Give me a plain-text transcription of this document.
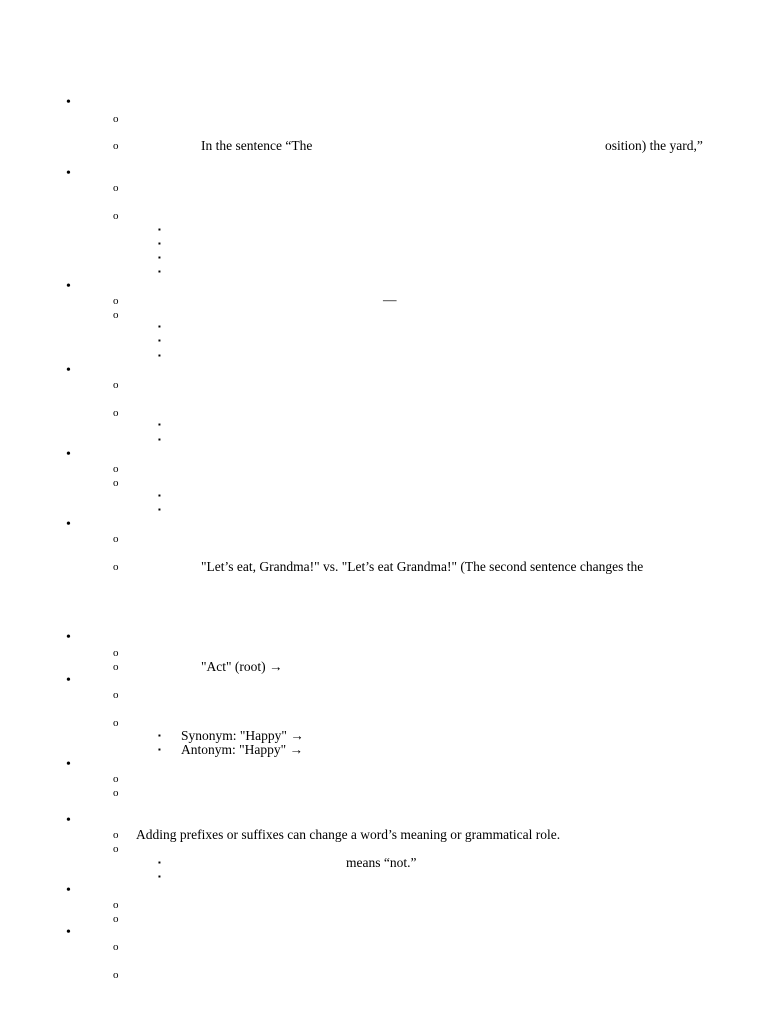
•
o
o	In the sentence “The	osition) the yard,”
•
o
o
▪
▪
▪
▪
•
o	—
o
▪
▪
▪
•
o
o
▪
▪
•
o
o
▪
▪
•
o
o	"Let’s eat, Grandma!" vs. "Let’s eat Grandma!" (The second sentence changes the
•
o
o	"Act" (root) →
•
o
o
▪ Synonym: "Happy" →
▪ Antonym: "Happy" →
•
o
o
•
o Adding prefixes or suffixes can change a word’s meaning or grammatical role.
o
▪	means “not.”
▪
•
o
o
•
o
o
